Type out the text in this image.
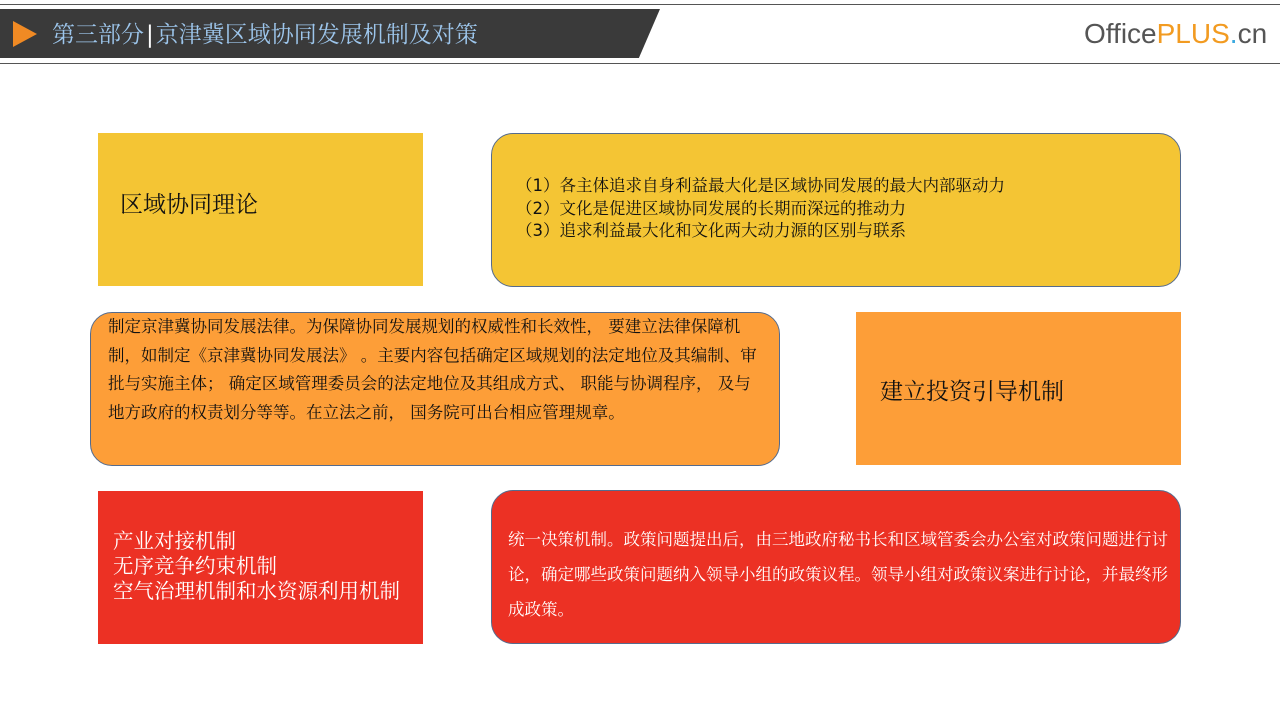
第三部分|京津冀区域协同发展机制及对策	OfficePLUS.cn
区域协同理论
（1）各主体追求自身利益最大化是区域协同发展的最大内部驱动力
（2）文化是促进区域协同发展的长期而深远的推动力
（3）追求利益最大化和文化两大动力源的区别与联系
制定京津冀协同发展法律。为保障协同发展规划的权威性和长效性， 要建立法律保障机制，如制定《京津冀协同发展法》 。主要内容包括确定区域规划的法定地位及其编制、审批与实施主体； 确定区域管理委员会的法定地位及其组成方式、 职能与协调程序， 及与地方政府的权责划分等等。在立法之前， 国务院可出台相应管理规章。
建立投资引导机制
产业对接机制
无序竞争约束机制
空气治理机制和水资源利用机制
统一决策机制。政策问题提出后，由三地政府秘书长和区域管委会办公室对政策问题进行讨论，确定哪些政策问题纳入领导小组的政策议程。领导小组对政策议案进行讨论，并最终形成政策。
